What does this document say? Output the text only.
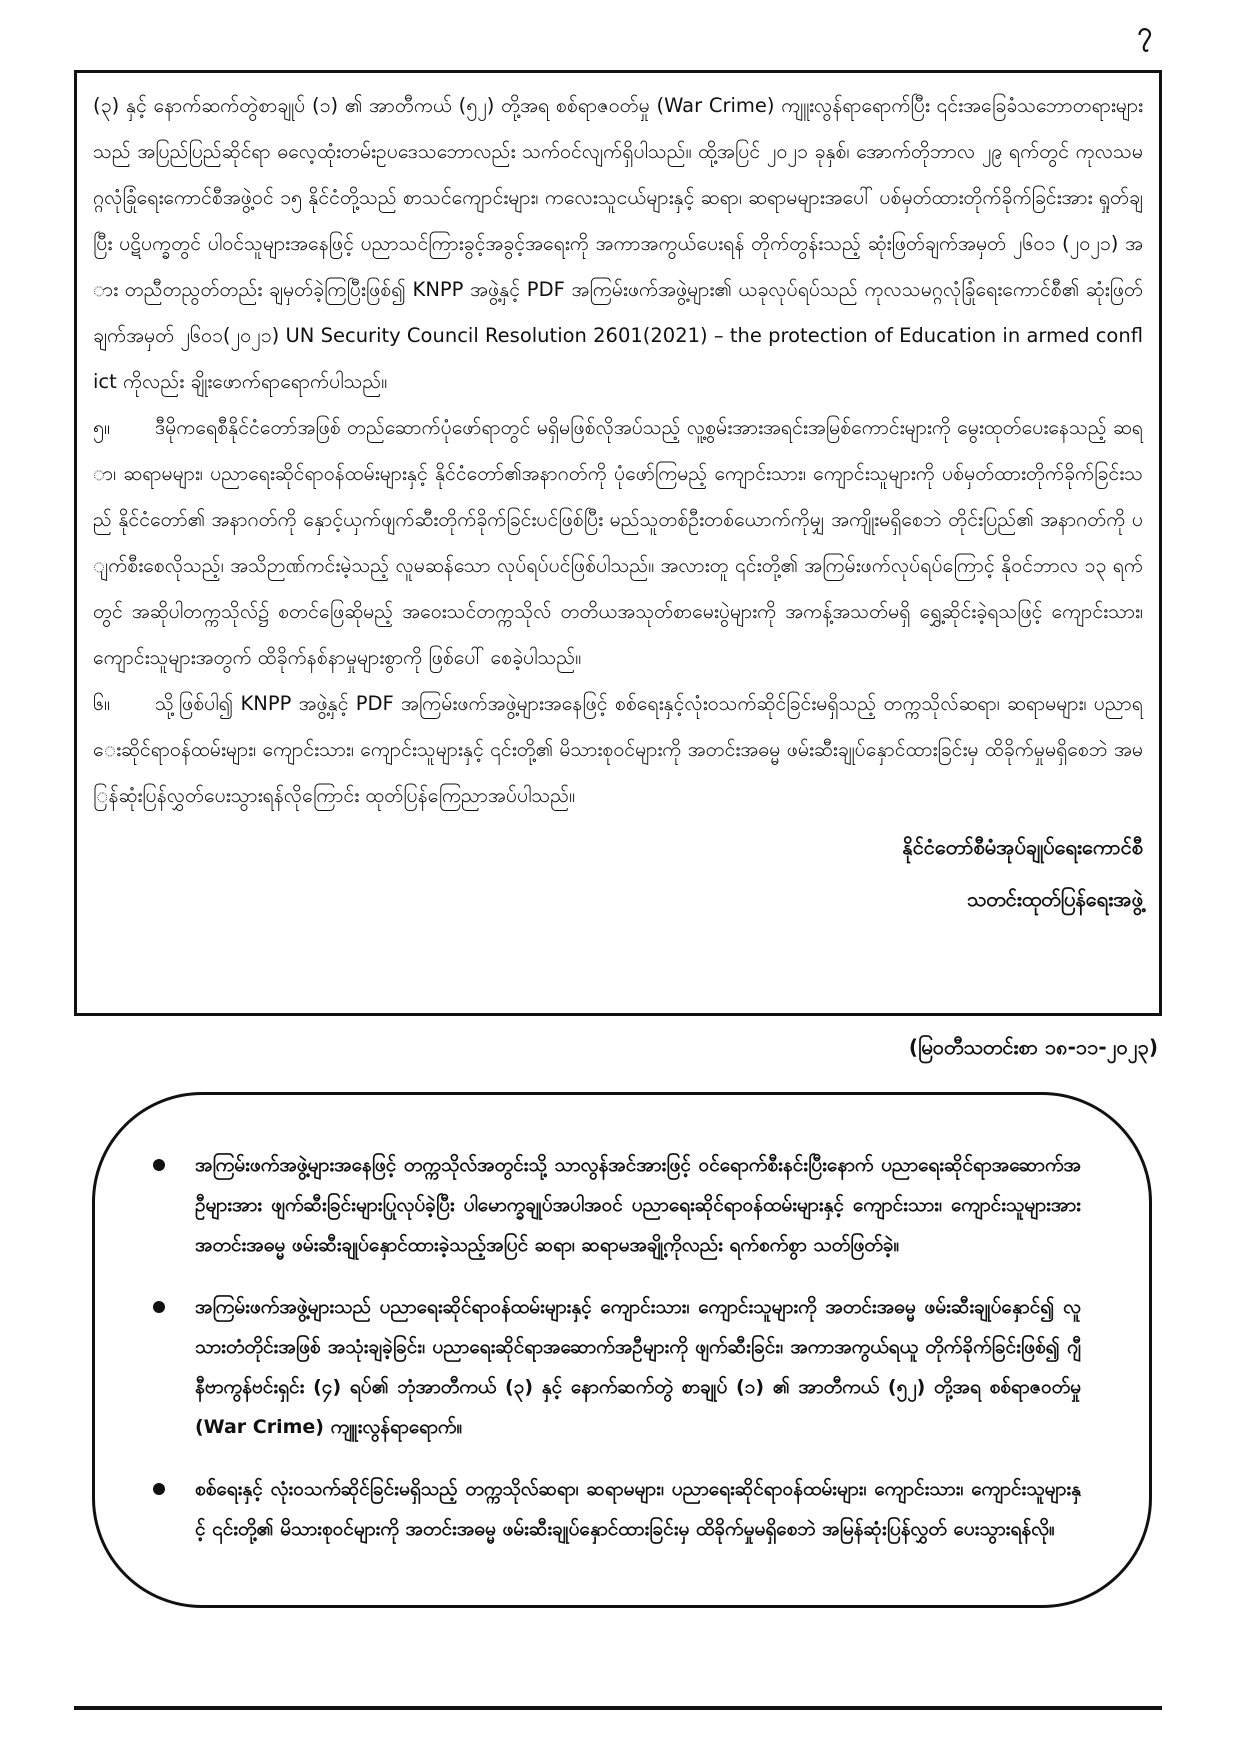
၇

(၃) နှင့် နောက်ဆက်တွဲစာချုပ် (၁) ၏ အာတီကယ် (၅၂) တို့အရ စစ်ရာဇဝတ်မှု (War Crime) ကျူးလွန်ရာရောက်ပြီး ၎င်းအခြေခံသဘောတရားများသည် အပြည်ပြည်ဆိုင်ရာ ဓလေ့ထုံးတမ်းဥပဒေသဘောလည်း သက်ဝင်လျက်ရှိပါသည်။ ထို့အပြင် ၂၀၂၁ ခုနှစ်၊ အောက်တိုဘာလ ၂၉ ရက်တွင် ကုလသမဂ္ဂလုံခြုံရေးကောင်စီအဖွဲ့ဝင် ၁၅ နိုင်ငံတို့သည် စာသင်ကျောင်းများ၊ ကလေးသူငယ်များနှင့် ဆရာ၊ ဆရာမများအပေါ် ပစ်မှတ်ထားတိုက်ခိုက်ခြင်းအား ရှုတ်ချပြီး ပဋိပက္ခတွင် ပါဝင်သူများအနေဖြင့် ပညာသင်ကြားခွင့်အခွင့်အရေးကို အကာအကွယ်ပေးရန် တိုက်တွန်းသည့် ဆုံးဖြတ်ချက်အမှတ် ၂၆၀၁ (၂၀၂၁) အား တညီတညွတ်တည်း ချမှတ်ခဲ့ကြပြီးဖြစ်၍ KNPP အဖွဲ့နှင့် PDF အကြမ်းဖက်အဖွဲ့များ၏ ယခုလုပ်ရပ်သည် ကုလသမဂ္ဂလုံခြုံရေးကောင်စီ၏ ဆုံးဖြတ် ချက်အမှတ် ၂၆၀၁(၂၀၂၁) UN Security Council Resolution 2601(2021) – the protection of Education in armed conflict ကိုလည်း ချိုးဖောက်ရာရောက်ပါသည်။

၅။ ဒီမိုကရေစီနိုင်ငံတော်အဖြစ် တည်ဆောက်ပုံဖော်ရာတွင် မရှိမဖြစ်လိုအပ်သည့် လူ့စွမ်းအားအရင်းအမြစ်ကောင်းများကို မွေးထုတ်ပေးနေသည့် ဆရာ၊ ဆရာမများ၊ ပညာရေးဆိုင်ရာဝန်ထမ်းများနှင့် နိုင်ငံတော်၏အနာဂတ်ကို ပုံဖော်ကြမည့် ကျောင်းသား၊ ကျောင်းသူများကို ပစ်မှတ်ထားတိုက်ခိုက်ခြင်းသည် နိုင်ငံတော်၏ အနာဂတ်ကို နှောင့်ယှက်ဖျက်ဆီးတိုက်ခိုက်ခြင်းပင်ဖြစ်ပြီး မည်သူတစ်ဦးတစ်ယောက်ကိုမျှ အကျိုးမရှိစေဘဲ တိုင်းပြည်၏ အနာဂတ်ကို ပျက်စီးစေလိုသည့်၊ အသိဉာဏ်ကင်းမဲ့သည့် လူမဆန်သော လုပ်ရပ်ပင်ဖြစ်ပါသည်။ အလားတူ ၎င်းတို့၏ အကြမ်းဖက်လုပ်ရပ်ကြောင့် နိုဝင်ဘာလ ၁၃ ရက်တွင် အဆိုပါတက္ကသိုလ်၌ စတင်ဖြေဆိုမည့် အဝေးသင်တက္ကသိုလ် တတိယအသုတ်စာမေးပွဲများကို အကန့်အသတ်မရှိ ရွှေ့ဆိုင်းခဲ့ရသဖြင့် ကျောင်းသား၊ ကျောင်းသူများအတွက် ထိခိုက်နစ်နာမှုများစွာကို ဖြစ်ပေါ် စေခဲ့ပါသည်။

၆။ သို့ဖြစ်ပါ၍ KNPP အဖွဲ့နှင့် PDF အကြမ်းဖက်အဖွဲ့များအနေဖြင့် စစ်ရေးနှင့်လုံးဝသက်ဆိုင်ခြင်းမရှိသည့် တက္ကသိုလ်ဆရာ၊ ဆရာမများ၊ ပညာရေးဆိုင်ရာဝန်ထမ်းများ၊ ကျောင်းသား၊ ကျောင်းသူများနှင့် ၎င်းတို့၏ မိသားစုဝင်များကို အတင်းအဓမ္မ ဖမ်းဆီးချုပ်နှောင်ထားခြင်းမှ ထိခိုက်မှုမရှိစေဘဲ အမြန်ဆုံးပြန်လွှတ်ပေးသွားရန်လိုကြောင်း ထုတ်ပြန်ကြေညာအပ်ပါသည်။

နိုင်ငံတော်စီမံအုပ်ချုပ်ရေးကောင်စီ

သတင်းထုတ်ပြန်ရေးအဖွဲ့

(မြဝတီသတင်းစာ ၁၈-၁၁-၂၀၂၃)
အကြမ်းဖက်အဖွဲ့များအနေဖြင့် တက္ကသိုလ်အတွင်းသို့ သာလွန်အင်အားဖြင့် ဝင်ရောက်စီးနင်းပြီးနောက် ပညာရေးဆိုင်ရာအဆောက်အဦများအား ဖျက်ဆီးခြင်းများပြုလုပ်ခဲ့ပြီး ပါမောက္ခချုပ်အပါအဝင် ပညာရေးဆိုင်ရာဝန်ထမ်းများနှင့် ကျောင်းသား၊ ကျောင်းသူများအား အတင်းအဓမ္မ ဖမ်းဆီးချုပ်နှောင်ထားခဲ့သည့်အပြင် ဆရာ၊ ဆရာမအချို့ကိုလည်း ရက်စက်စွာ သတ်ဖြတ်ခဲ့။
အကြမ်းဖက်အဖွဲ့များသည် ပညာရေးဆိုင်ရာဝန်ထမ်းများနှင့် ကျောင်းသား၊ ကျောင်းသူများကို အတင်းအဓမ္မ ဖမ်းဆီးချုပ်နှောင်၍ လူသားတံတိုင်းအဖြစ် အသုံးချခဲ့ခြင်း၊ ပညာရေးဆိုင်ရာအဆောက်အဦများကို ဖျက်ဆီးခြင်း၊ အကာအကွယ်ရယူ တိုက်ခိုက်ခြင်းဖြစ်၍ ဂျီနီဗာကွန်ဗင်းရှင်း (၄) ရပ်၏ ဘုံအာတီကယ် (၃) နှင့် နောက်ဆက်တွဲ စာချုပ် (၁) ၏ အာတီကယ် (၅၂) တို့အရ စစ်ရာဇဝတ်မှု (War Crime) ကျူးလွန်ရာရောက်။
စစ်ရေးနှင့် လုံးဝသက်ဆိုင်ခြင်းမရှိသည့် တက္ကသိုလ်ဆရာ၊ ဆရာမများ၊ ပညာရေးဆိုင်ရာဝန်ထမ်းများ၊ ကျောင်းသား၊ ကျောင်းသူများနှင့် ၎င်းတို့၏ မိသားစုဝင်များကို အတင်းအဓမ္မ ဖမ်းဆီးချုပ်နှောင်ထားခြင်းမှ ထိခိုက်မှုမရှိစေဘဲ အမြန်ဆုံးပြန်လွှတ် ပေးသွားရန်လို။
